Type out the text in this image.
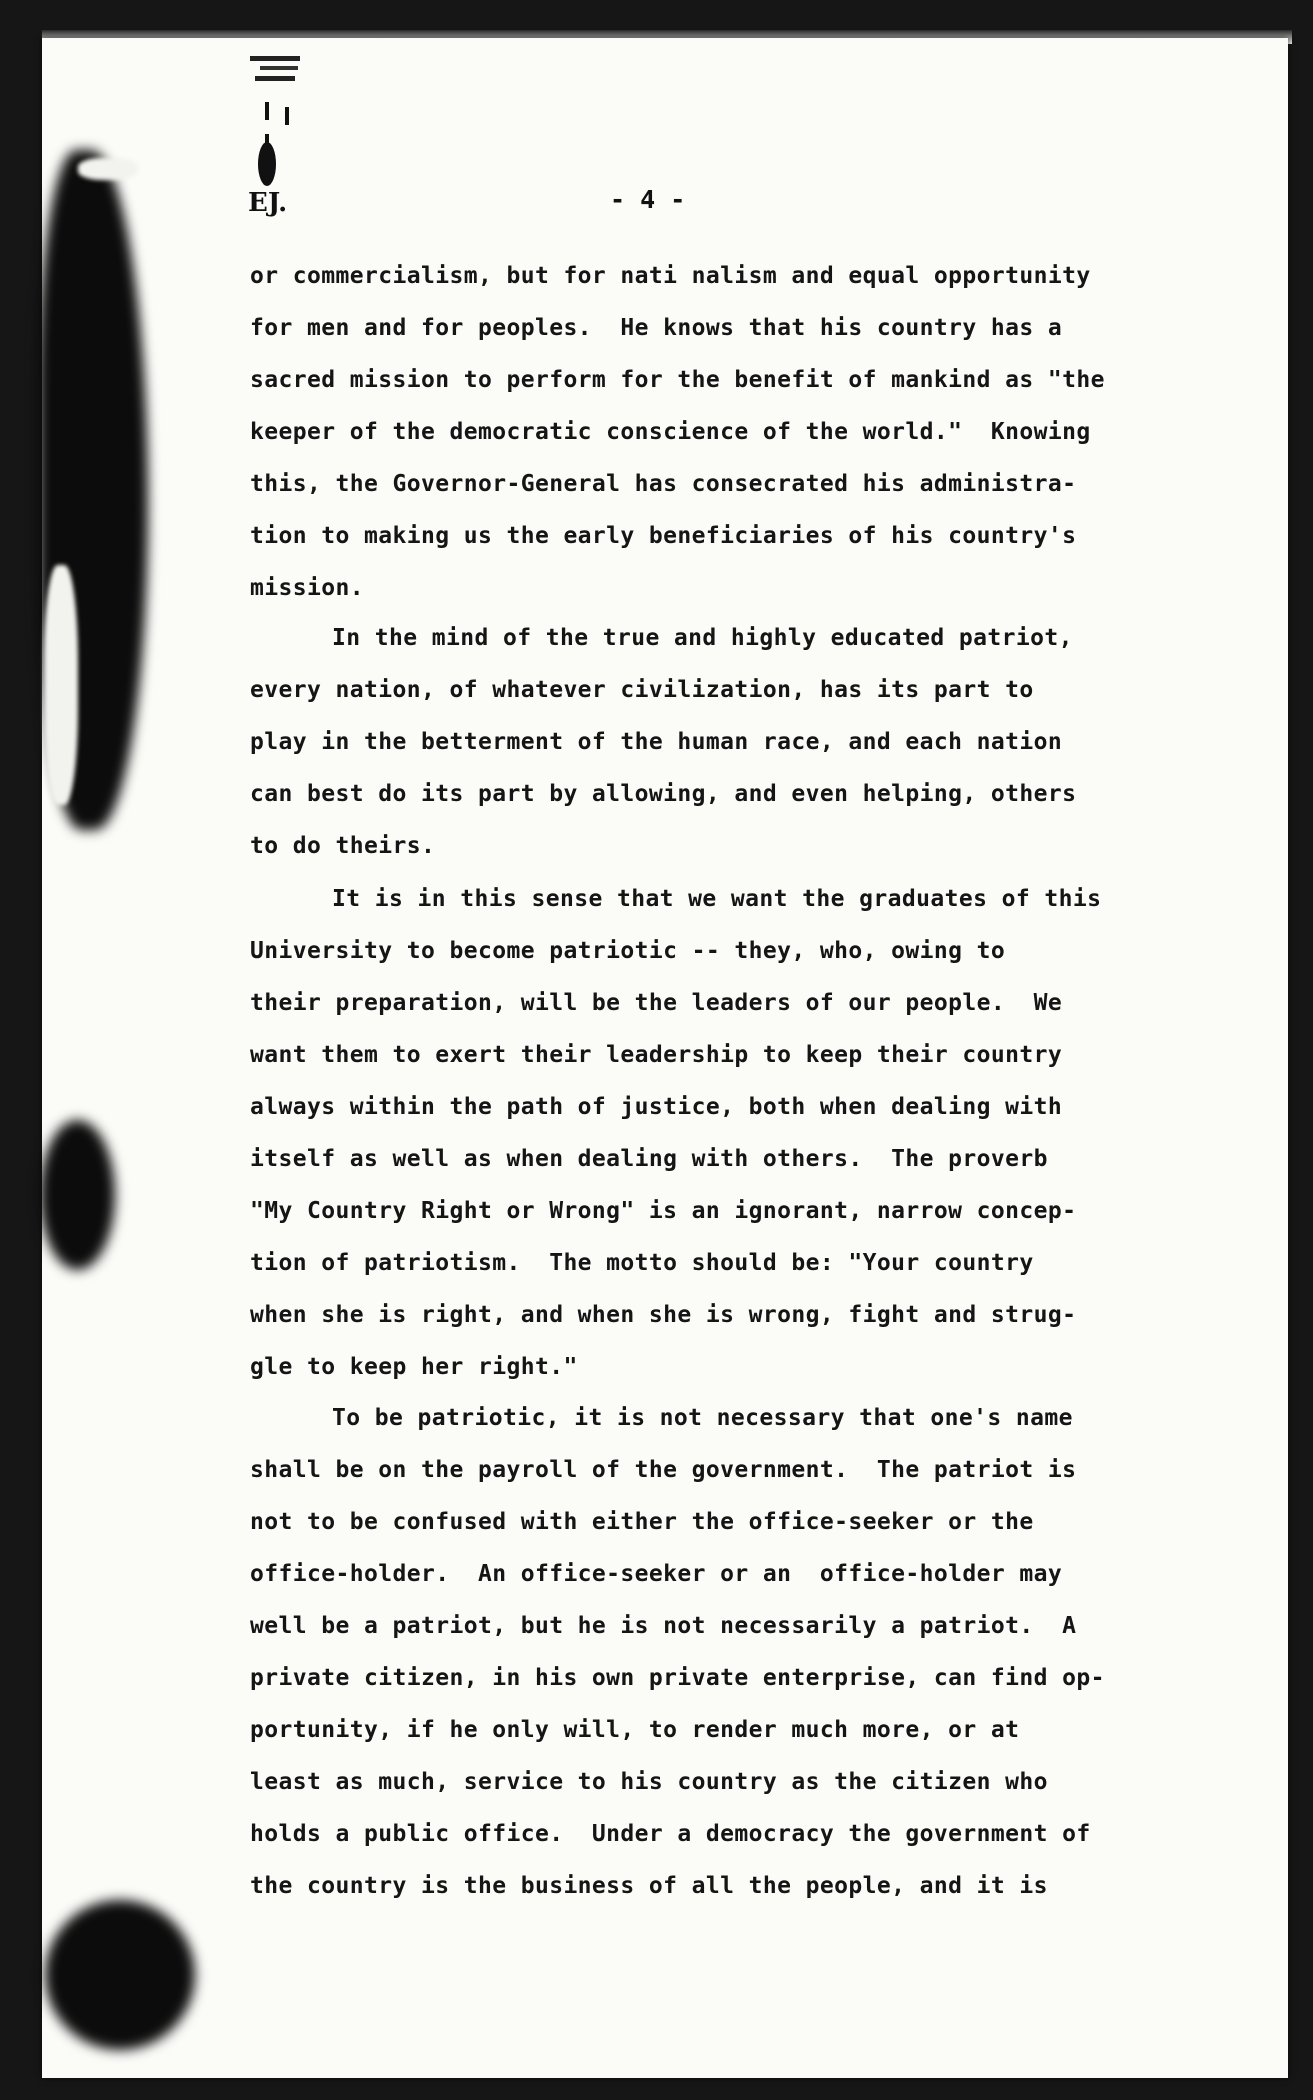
EJ.	- 4 -
or commercialism, but for nati nalism and equal opportunity
for men and for peoples.  He knows that his country has a
sacred mission to perform for the benefit of mankind as "the
keeper of the democratic conscience of the world."  Knowing
this, the Governor-General has consecrated his administra-
tion to making us the early beneficiaries of his country's
mission.
In the mind of the true and highly educated patriot,
every nation, of whatever civilization, has its part to
play in the betterment of the human race, and each nation
can best do its part by allowing, and even helping, others
to do theirs.
It is in this sense that we want the graduates of this
University to become patriotic -- they, who, owing to
their preparation, will be the leaders of our people.  We
want them to exert their leadership to keep their country
always within the path of justice, both when dealing with
itself as well as when dealing with others.  The proverb
"My Country Right or Wrong" is an ignorant, narrow concep-
tion of patriotism.  The motto should be: "Your country
when she is right, and when she is wrong, fight and strug-
gle to keep her right."
To be patriotic, it is not necessary that one's name
shall be on the payroll of the government.  The patriot is
not to be confused with either the office-seeker or the
office-holder.  An office-seeker or an  office-holder may
well be a patriot, but he is not necessarily a patriot.  A
private citizen, in his own private enterprise, can find op-
portunity, if he only will, to render much more, or at
least as much, service to his country as the citizen who
holds a public office.  Under a democracy the government of
the country is the business of all the people, and it is
